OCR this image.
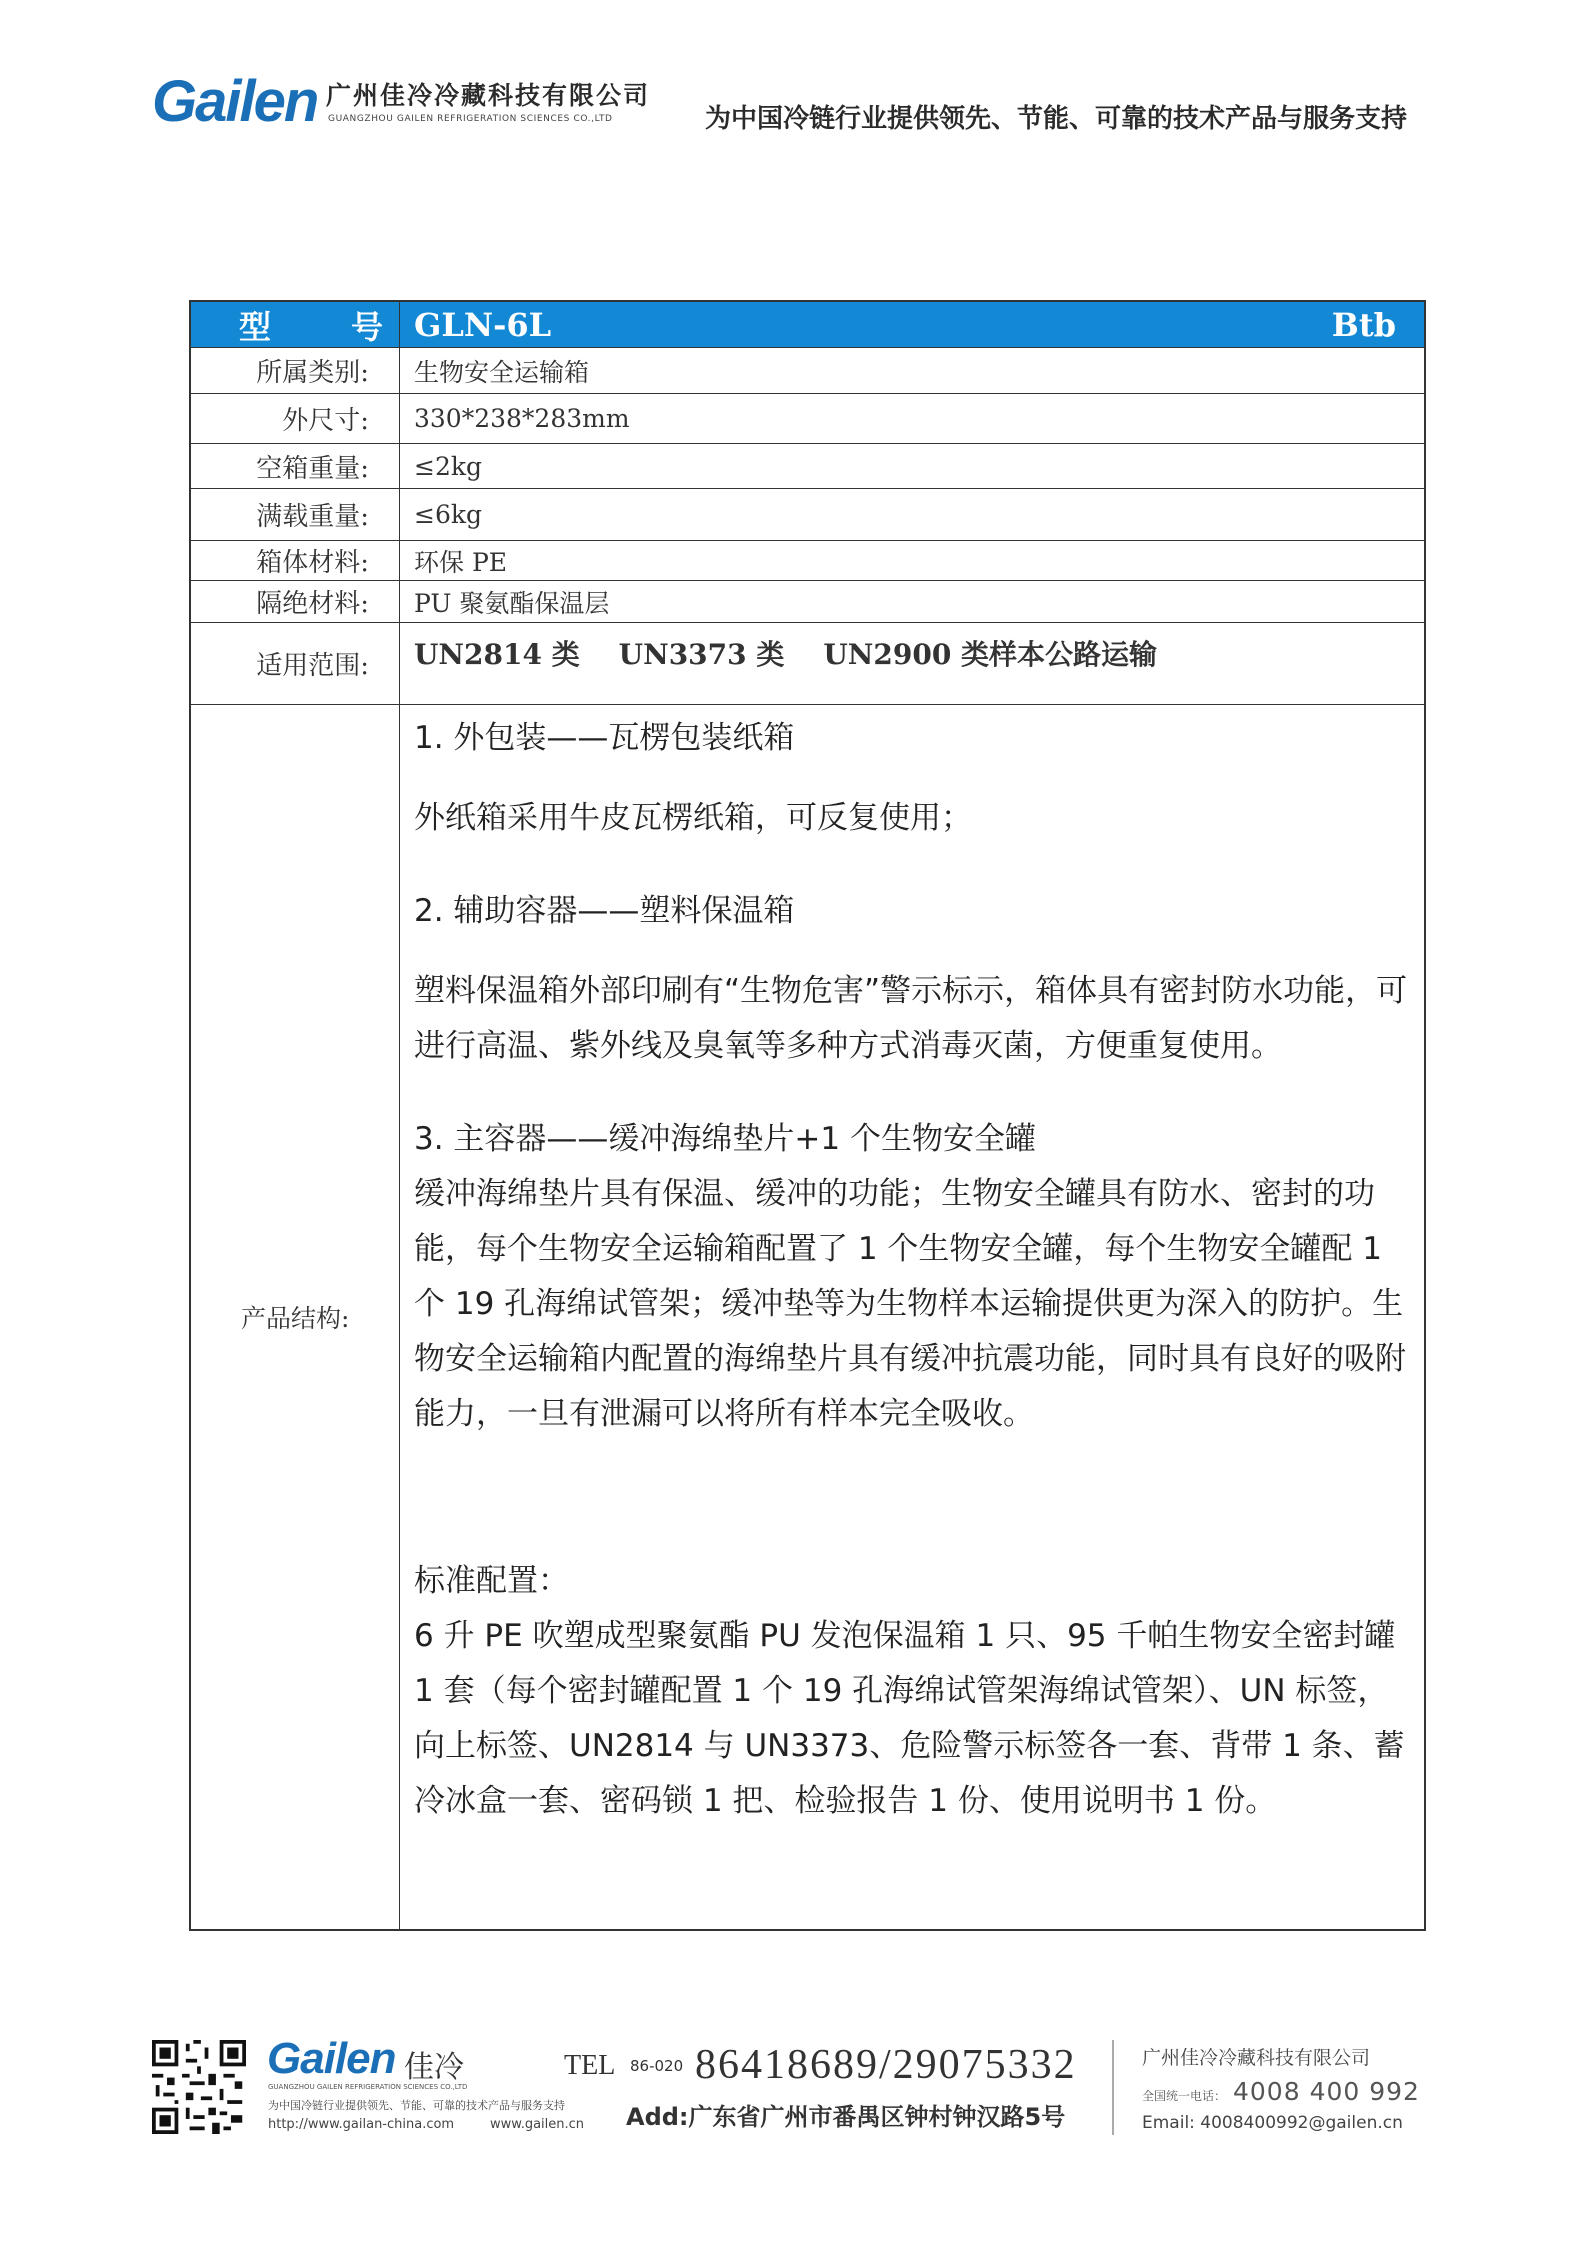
Gailen 广州佳冷冷藏科技有限公司
GUANGZHOU GAILEN REFRIGERATION SCIENCES CO.,LTD	为中国冷链行业提供领先、节能、可靠的技术产品与服务支持
型 号 GLN-6L	Btb
所属类别:	生物安全运输箱
外尺寸:	330*238*283mm
空箱重量:	≤2kg
满载重量:	≤6kg
箱体材料:	环保 PE
隔绝材料:	PU 聚氨酯保温层
适用范围:	UN2814 类    UN3373 类    UN2900 类样本公路运输
产品结构:

1. 外包装——瓦楞包装纸箱

外纸箱采用牛皮瓦楞纸箱，可反复使用；

2. 辅助容器——塑料保温箱

塑料保温箱外部印刷有“生物危害”警示标示，箱体具有密封防水功能，可进行高温、紫外线及臭氧等多种方式消毒灭菌，方便重复使用。

3. 主容器——缓冲海绵垫片+1 个生物安全罐

缓冲海绵垫片具有保温、缓冲的功能；生物安全罐具有防水、密封的功能，每个生物安全运输箱配置了 1 个生物安全罐，每个生物安全罐配 1 个 19 孔海绵试管架；缓冲垫等为生物样本运输提供更为深入的防护。生物安全运输箱内配置的海绵垫片具有缓冲抗震功能，同时具有良好的吸附能力，一旦有泄漏可以将所有样本完全吸收。

标准配置：

6 升 PE 吹塑成型聚氨酯 PU 发泡保温箱 1 只、95 千帕生物安全密封罐 1 套（每个密封罐配置 1 个 19 孔海绵试管架海绵试管架）、UN 标签，向上标签、UN2814 与 UN3373、危险警示标签各一套、背带 1 条、蓄冷冰盒一套、密码锁 1 把、检验报告 1 份、使用说明书 1 份。

Gailen 佳冷
GUANGZHOU GAILEN REFRIGERATION SCIENCES CO.,LTD
为中国冷链行业提供领先、节能、可靠的技术产品与服务支持
http://www.gailan-china.com	www.gailen.cn
TEL 86-020 86418689/29075332
Add:广东省广州市番禺区钟村钟汉路5号
广州佳冷冷藏科技有限公司
全国统一电话： 4008 400 992
Email: 4008400992@gailen.cn
